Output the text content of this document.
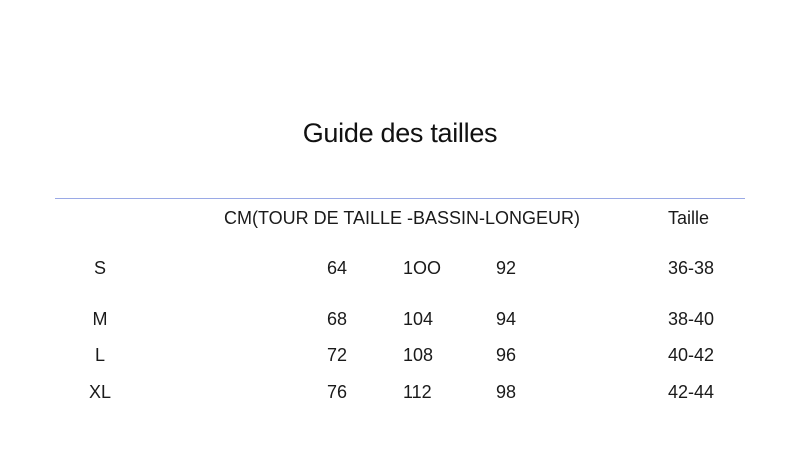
Guide des tailles
CM(TOUR DE TAILLE -BASSIN-LONGEUR)	Taille
S	64	1OO	92	36-38
M	68	104	94	38-40
L	72	108	96	40-42
XL	76	112	98	42-44
